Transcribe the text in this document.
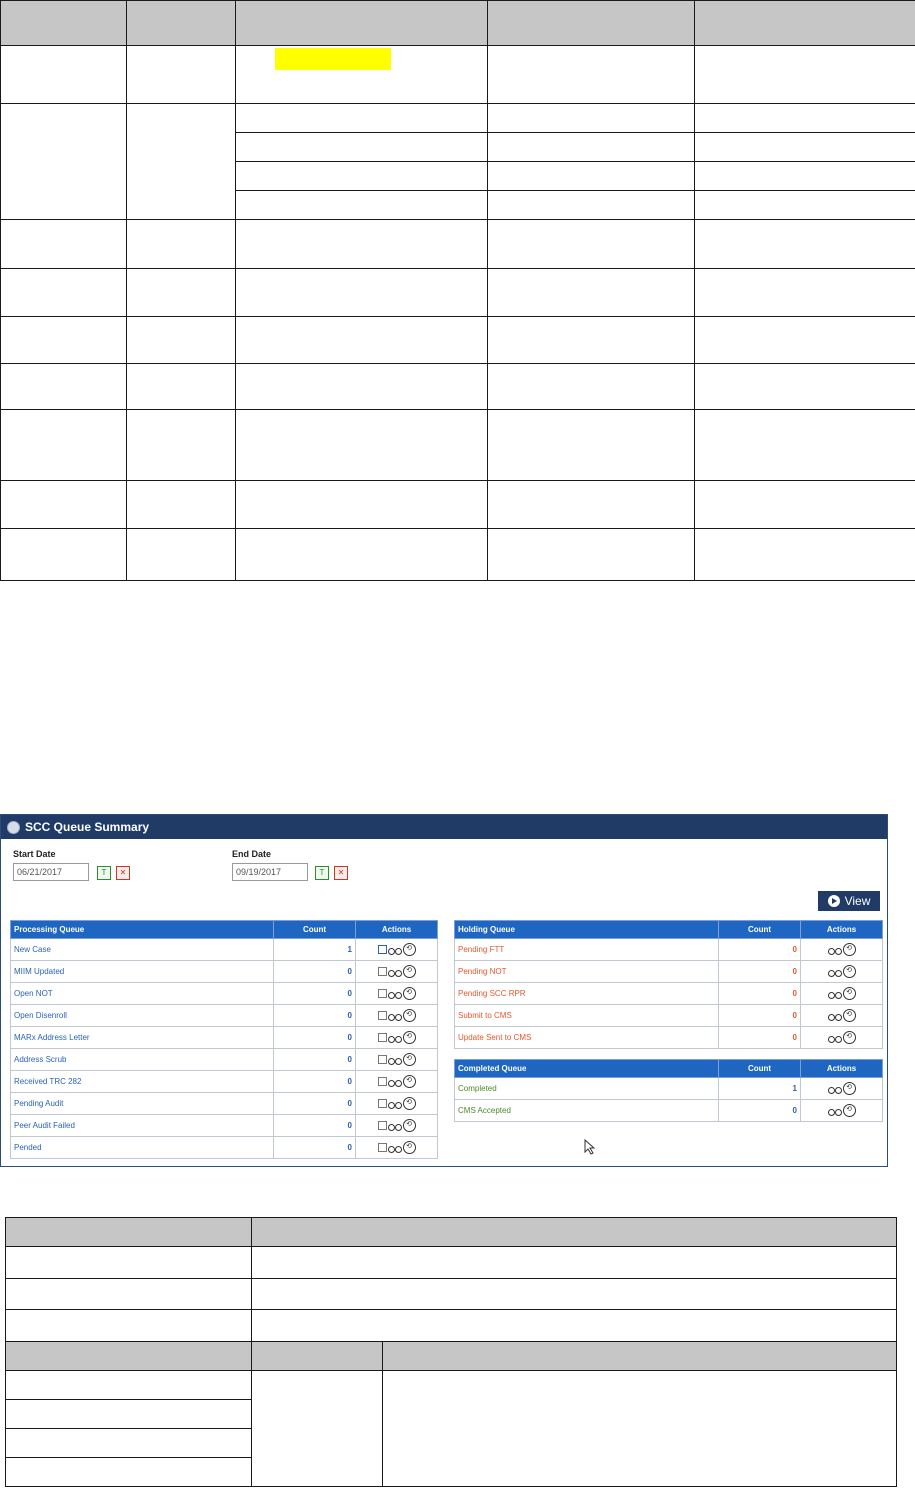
SCC Queue Summary
Start Date
06/21/2017	T	✕
End Date
09/19/2017	T	✕
View
Processing Queue	Count	Actions
New Case	1	⟲

MIIM Updated	0	⟲

Open NOT	0	⟲

Open Disenroll	0	⟲

MARx Address Letter	0	⟲

Address Scrub	0	⟲

Received TRC 282	0	⟲

Pending Audit	0	⟲

Peer Audit Failed	0	⟲

Pended	0	⟲
Holding Queue	Count	Actions
Pending FTT	0	⟲

Pending NOT	0	⟲

Pending SCC RPR	0	⟲

Submit to CMS	0	⟲

Update Sent to CMS	0	⟲
Completed Queue	Count	Actions
Completed	1	⟲

CMS Accepted	0	⟲
